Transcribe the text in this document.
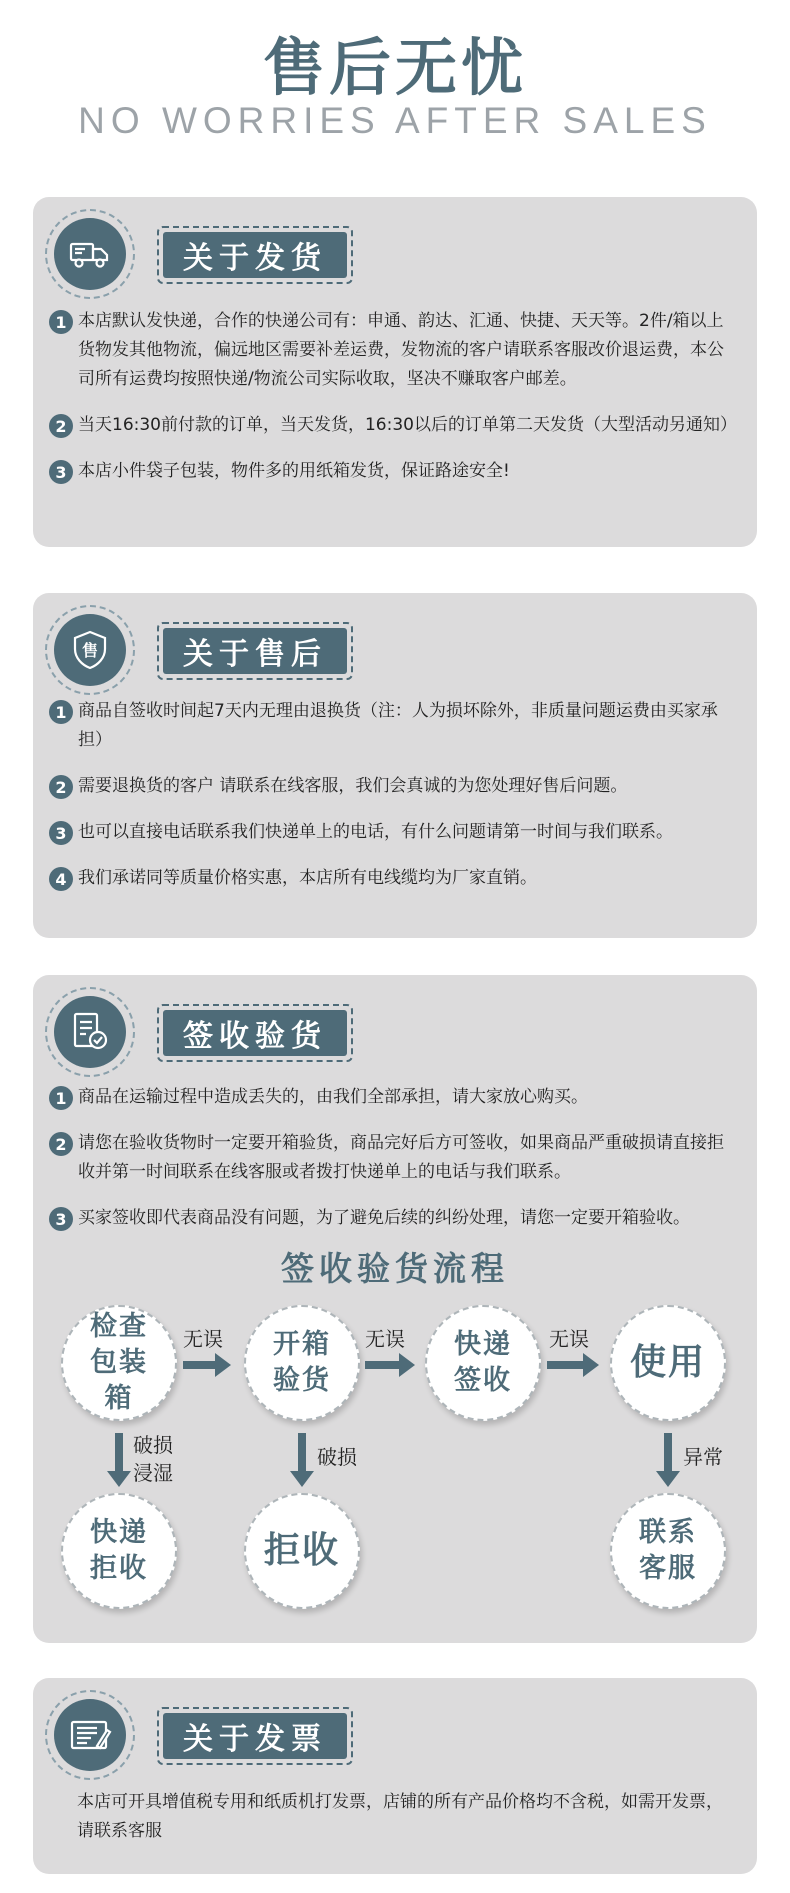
售后无忧
NO WORRIES AFTER SALES
关于发货
1 本店默认发快递，合作的快递公司有：申通、韵达、汇通、快捷、天天等。2件/箱以上货物发其他物流，偏远地区需要补差运费，发物流的客户请联系客服改价退运费，本公司所有运费均按照快递/物流公司实际收取，坚决不赚取客户邮差。
2 当天16:30前付款的订单，当天发货，16:30以后的订单第二天发货（大型活动另通知）
3 本店小件袋子包装，物件多的用纸箱发货，保证路途安全!
售	关于售后
1 商品自签收时间起7天内无理由退换货（注：人为损坏除外，非质量问题运费由买家承担）
2 需要退换货的客户 请联系在线客服，我们会真诚的为您处理好售后问题。
3 也可以直接电话联系我们快递单上的电话，有什么问题请第一时间与我们联系。
4 我们承诺同等质量价格实惠，本店所有电线缆均为厂家直销。
签收验货
1 商品在运输过程中造成丢失的，由我们全部承担，请大家放心购买。
2 请您在验收货物时一定要开箱验货，商品完好后方可签收，如果商品严重破损请直接拒收并第一时间联系在线客服或者拨打快递单上的电话与我们联系。
3 买家签收即代表商品没有问题，为了避免后续的纠纷处理，请您一定要开箱验收。
签收验货流程
检查包装箱
开箱验货
快递签收	使用
无误	无误	无误
破损浸湿
破损	异常
快递拒收	拒收	联系客服
关于发票
本店可开具增值税专用和纸质机打发票，店铺的所有产品价格均不含税，如需开发票，请联系客服
